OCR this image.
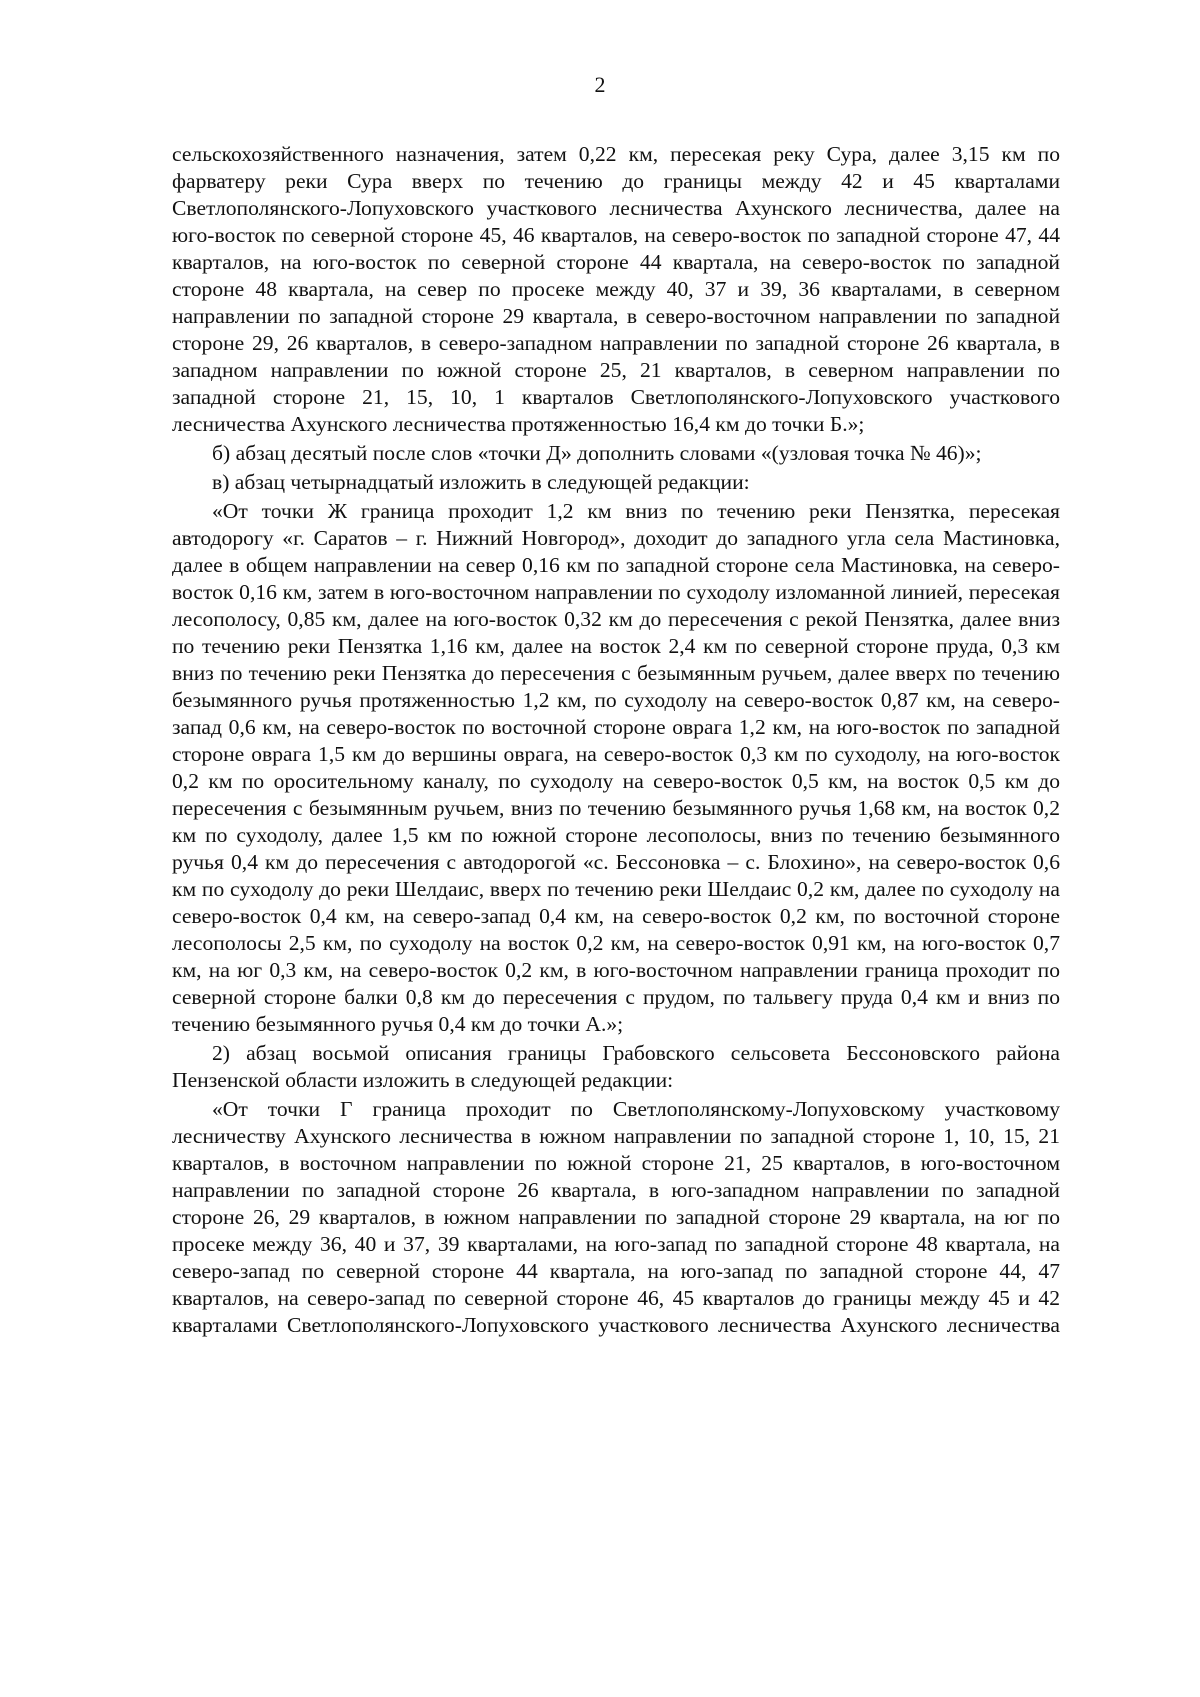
2

сельскохозяйственного назначения, затем 0,22 км, пересекая реку Сура, далее 3,15 км по фарватеру реки Сура вверх по течению до границы между 42 и 45 кварталами Светлополянского-Лопуховского участкового лесничества Ахунского лесничества, далее на юго-восток по северной стороне 45, 46 кварталов, на северо-восток по западной стороне 47, 44 кварталов, на юго-восток по северной стороне 44 квартала, на северо-восток по западной стороне 48 квартала, на север по просеке между 40, 37 и 39, 36 кварталами, в северном направлении по западной стороне 29 квартала, в северо-восточном направлении по западной стороне 29, 26 кварталов, в северо-западном направлении по западной стороне 26 квартала, в западном направлении по южной стороне 25, 21 кварталов, в северном направлении по западной стороне 21, 15, 10, 1 кварталов Светлополянского-Лопуховского участкового лесничества Ахунского лесничества протяженностью 16,4 км до точки Б.»;

б) абзац десятый после слов «точки Д» дополнить словами «(узловая точка № 46)»;

в) абзац четырнадцатый изложить в следующей редакции:

«От точки Ж граница проходит 1,2 км вниз по течению реки Пензятка, пересекая автодорогу «г. Саратов – г. Нижний Новгород», доходит до западного угла села Мастиновка, далее в общем направлении на север 0,16 км по западной стороне села Мастиновка, на северо-восток 0,16 км, затем в юго-восточном направлении по суходолу изломанной линией, пересекая лесополосу, 0,85 км, далее на юго-восток 0,32 км до пересечения с рекой Пензятка, далее вниз по течению реки Пензятка 1,16 км, далее на восток 2,4 км по северной стороне пруда, 0,3 км вниз по течению реки Пензятка до пересечения с безымянным ручьем, далее вверх по течению безымянного ручья протяженностью 1,2 км, по суходолу на северо-восток 0,87 км, на северо-запад 0,6 км, на северо-восток по восточной стороне оврага 1,2 км, на юго-восток по западной стороне оврага 1,5 км до вершины оврага, на северо-восток 0,3 км по суходолу, на юго-восток 0,2 км по оросительному каналу, по суходолу на северо-восток 0,5 км, на восток 0,5 км до пересечения с безымянным ручьем, вниз по течению безымянного ручья 1,68 км, на восток 0,2 км по суходолу, далее 1,5 км по южной стороне лесополосы, вниз по течению безымянного ручья 0,4 км до пересечения с автодорогой «с. Бессоновка – с. Блохино», на северо-восток 0,6 км по суходолу до реки Шелдаис, вверх по течению реки Шелдаис 0,2 км, далее по суходолу на северо-восток 0,4 км, на северо-запад 0,4 км, на северо-восток 0,2 км, по восточной стороне лесополосы 2,5 км, по суходолу на восток 0,2 км, на северо-восток 0,91 км, на юго-восток 0,7 км, на юг 0,3 км, на северо-восток 0,2 км, в юго-восточном направлении граница проходит по северной стороне балки 0,8 км до пересечения с прудом, по тальвегу пруда 0,4 км и вниз по течению безымянного ручья 0,4 км до точки А.»;

2) абзац восьмой описания границы Грабовского сельсовета Бессоновского района Пензенской области изложить в следующей редакции:

«От точки Г граница проходит по Светлополянскому-Лопуховскому участковому лесничеству Ахунского лесничества в южном направлении по западной стороне 1, 10, 15, 21 кварталов, в восточном направлении по южной стороне 21, 25 кварталов, в юго-восточном направлении по западной стороне 26 квартала, в юго-западном направлении по западной стороне 26, 29 кварталов, в южном направлении по западной стороне 29 квартала, на юг по просеке между 36, 40 и 37, 39 кварталами, на юго-запад по западной стороне 48 квартала, на северо-запад по северной стороне 44 квартала, на юго-запад по западной стороне 44, 47 кварталов, на северо-запад по северной стороне 46, 45 кварталов до границы между 45 и 42 кварталами Светлополянского-Лопуховского участкового лесничества Ахунского лесничества
